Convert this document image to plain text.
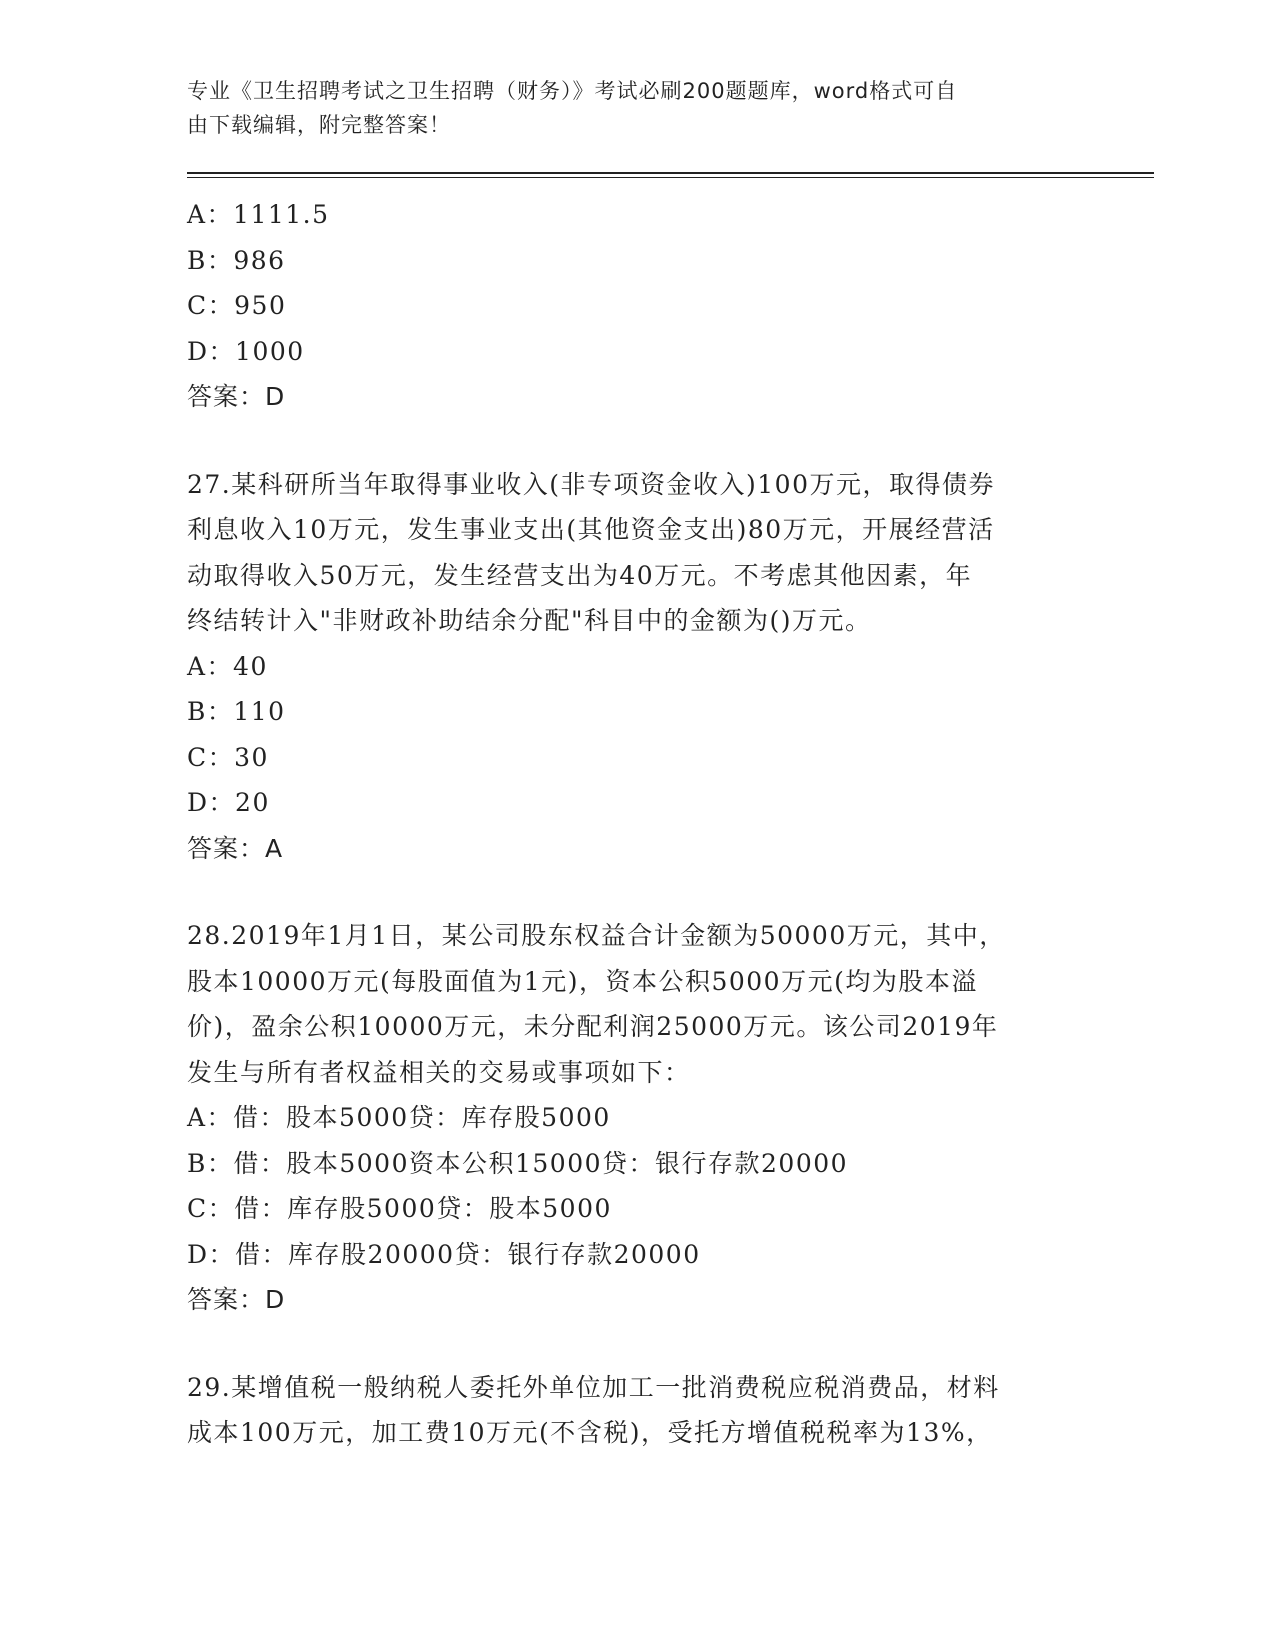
专业《卫生招聘考试之卫生招聘（财务）》考试必刷200题题库，word格式可自
由下载编辑，附完整答案！
A：1111.5
B：986
C：950
D：1000
答案：D
27.某科研所当年取得事业收入(非专项资金收入)100万元，取得债券
利息收入10万元，发生事业支出(其他资金支出)80万元，开展经营活
动取得收入50万元，发生经营支出为40万元。不考虑其他因素，年
终结转计入"非财政补助结余分配"科目中的金额为()万元。
A：40
B：110
C：30
D：20
答案：A
28.2019年1月1日，某公司股东权益合计金额为50000万元，其中，
股本10000万元(每股面值为1元)，资本公积5000万元(均为股本溢
价)，盈余公积10000万元，未分配利润25000万元。该公司2019年
发生与所有者权益相关的交易或事项如下：
A：借：股本5000贷：库存股5000
B：借：股本5000资本公积15000贷：银行存款20000
C：借：库存股5000贷：股本5000
D：借：库存股20000贷：银行存款20000
答案：D
29.某增值税一般纳税人委托外单位加工一批消费税应税消费品，材料
成本100万元，加工费10万元(不含税)，受托方增值税税率为13%，
